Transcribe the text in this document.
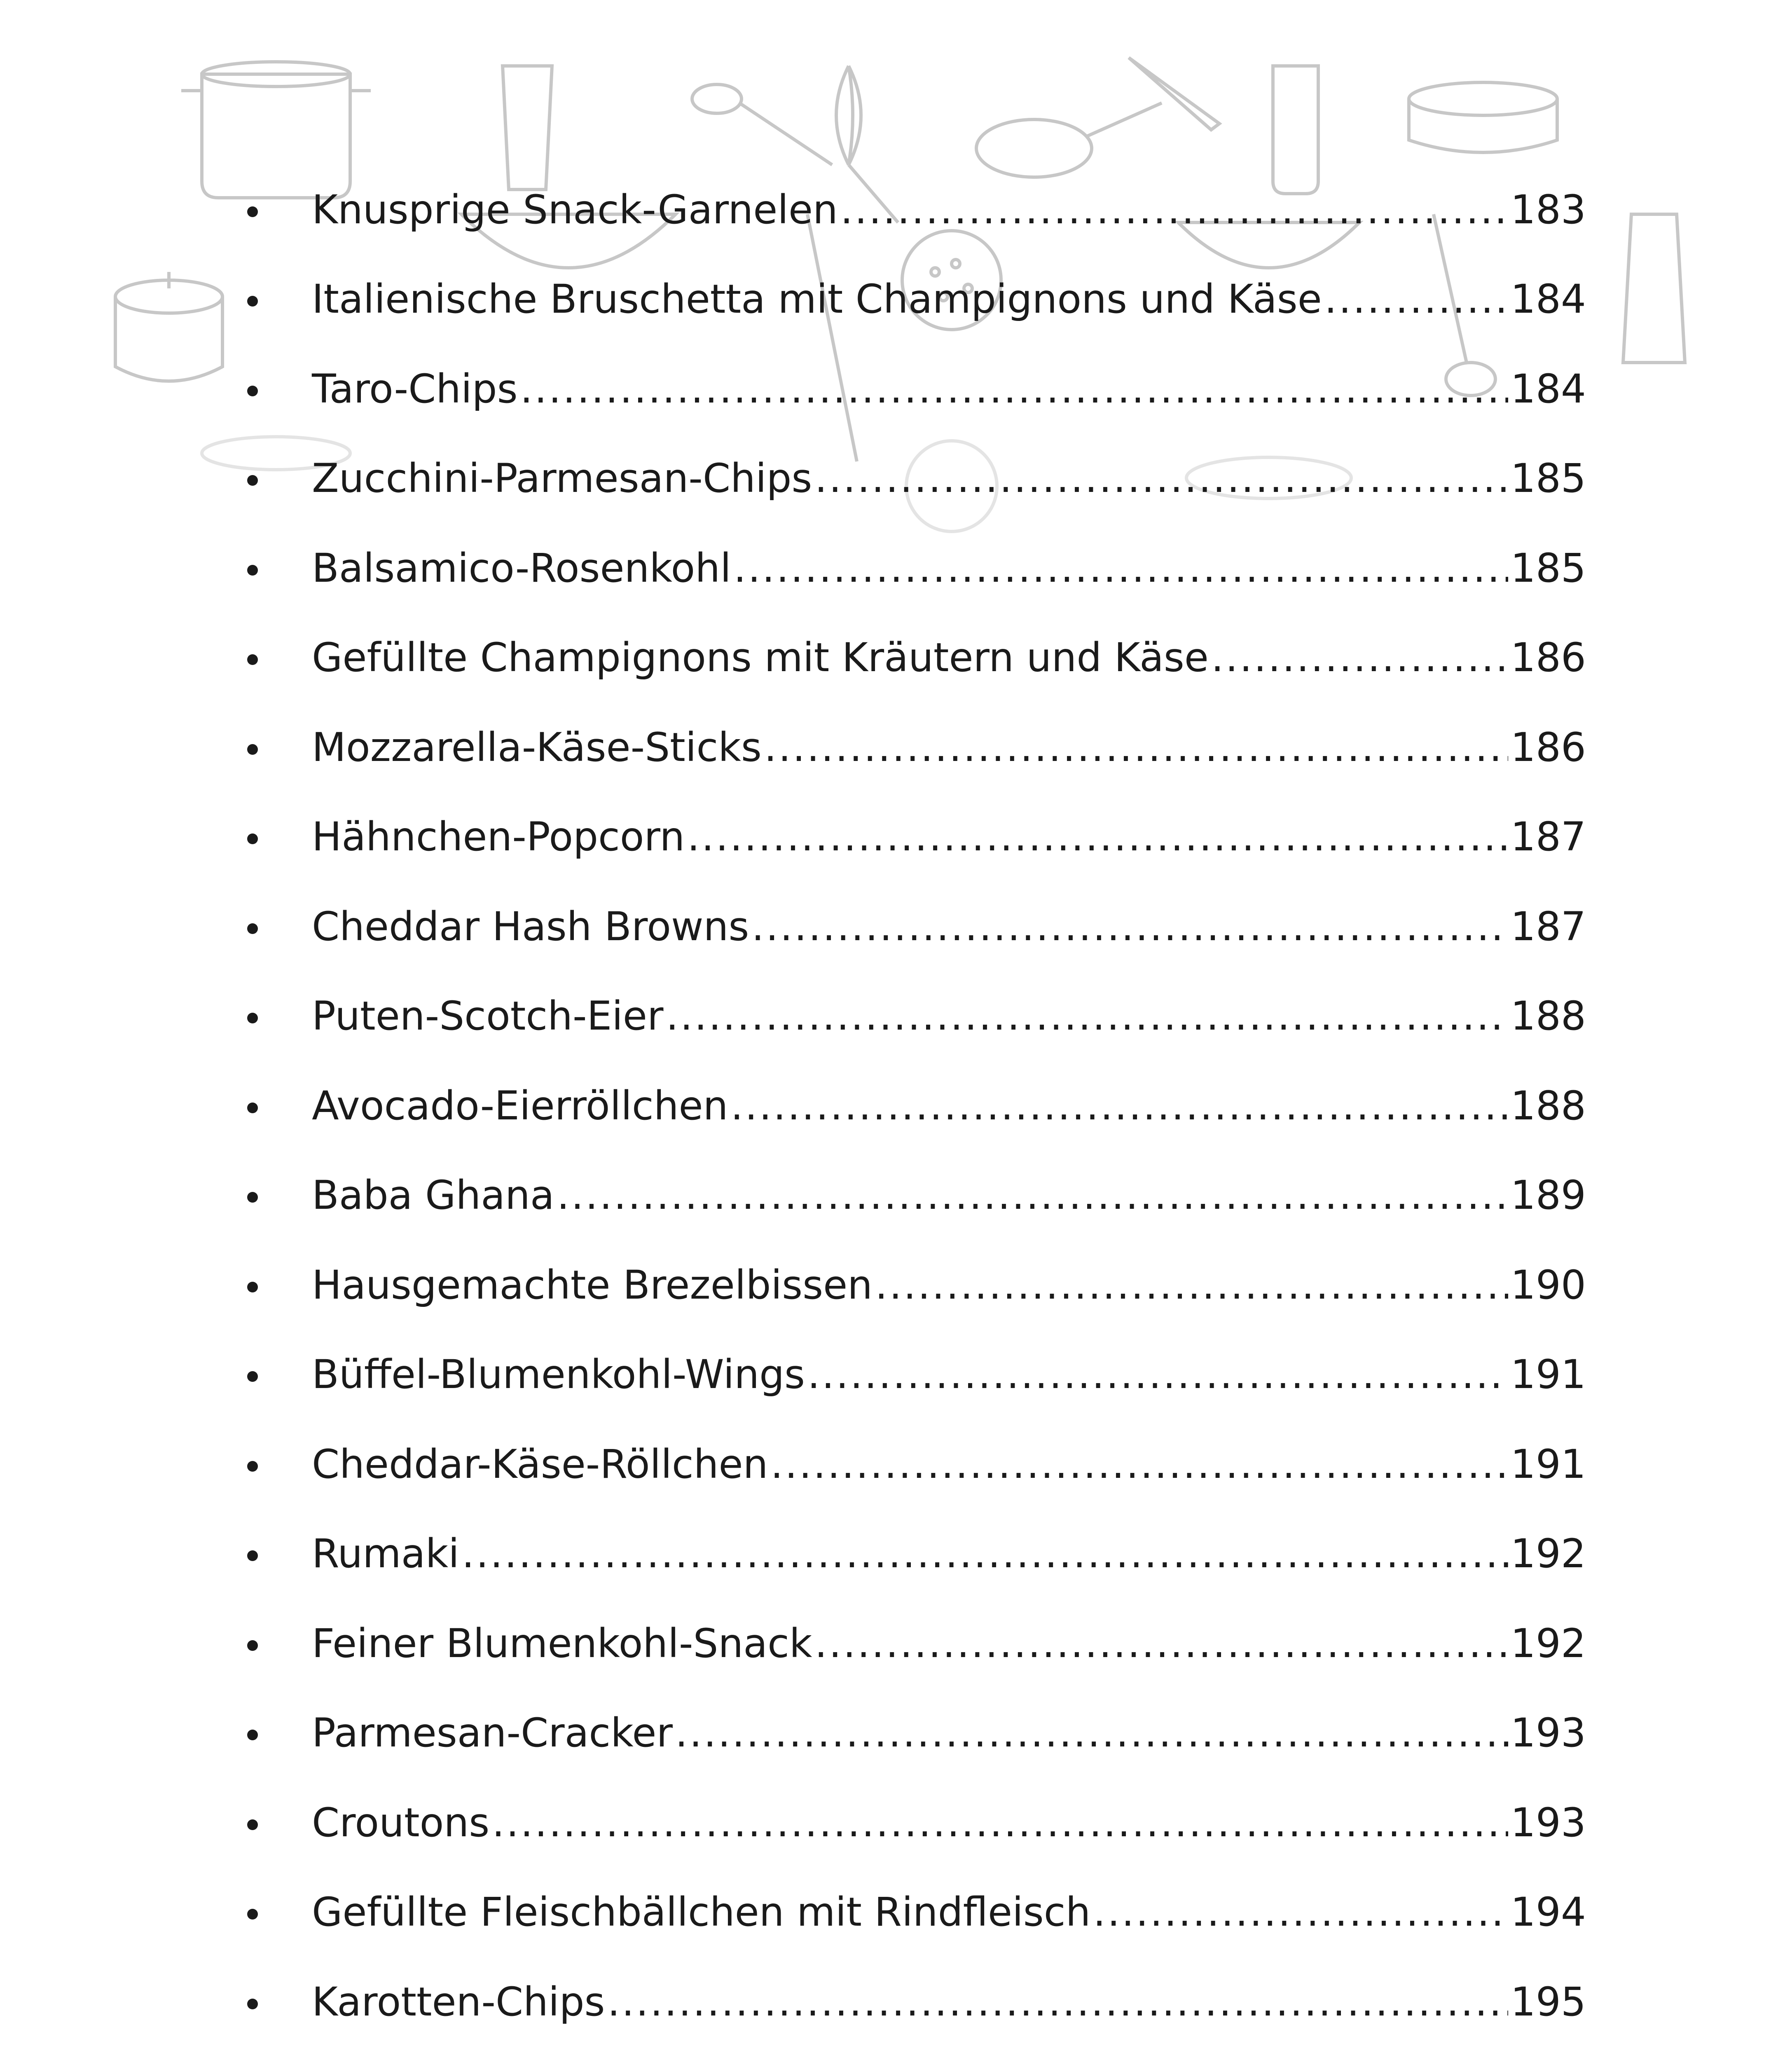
Knusprige Snack-Garnelen .....	183
Italienische Bruschetta mit Champignons und Käse .....	184
Taro-Chips .....	184
Zucchini-Parmesan-Chips .....	185
Balsamico-Rosenkohl .....	185
Gefüllte Champignons mit Kräutern und Käse .....	186
Mozzarella-Käse-Sticks .....	186
Hähnchen-Popcorn .....	187
Cheddar Hash Browns .....	187
Puten-Scotch-Eier .....	188
Avocado-Eierröllchen .....	188
Baba Ghana .....	189
Hausgemachte Brezelbissen .....	190
Büffel-Blumenkohl-Wings .....	191
Cheddar-Käse-Röllchen .....	191
Rumaki .....	192
Feiner Blumenkohl-Snack .....	192
Parmesan-Cracker .....	193
Croutons .....	193
Gefüllte Fleischbällchen mit Rindfleisch .....	194
Karotten-Chips .....	195
